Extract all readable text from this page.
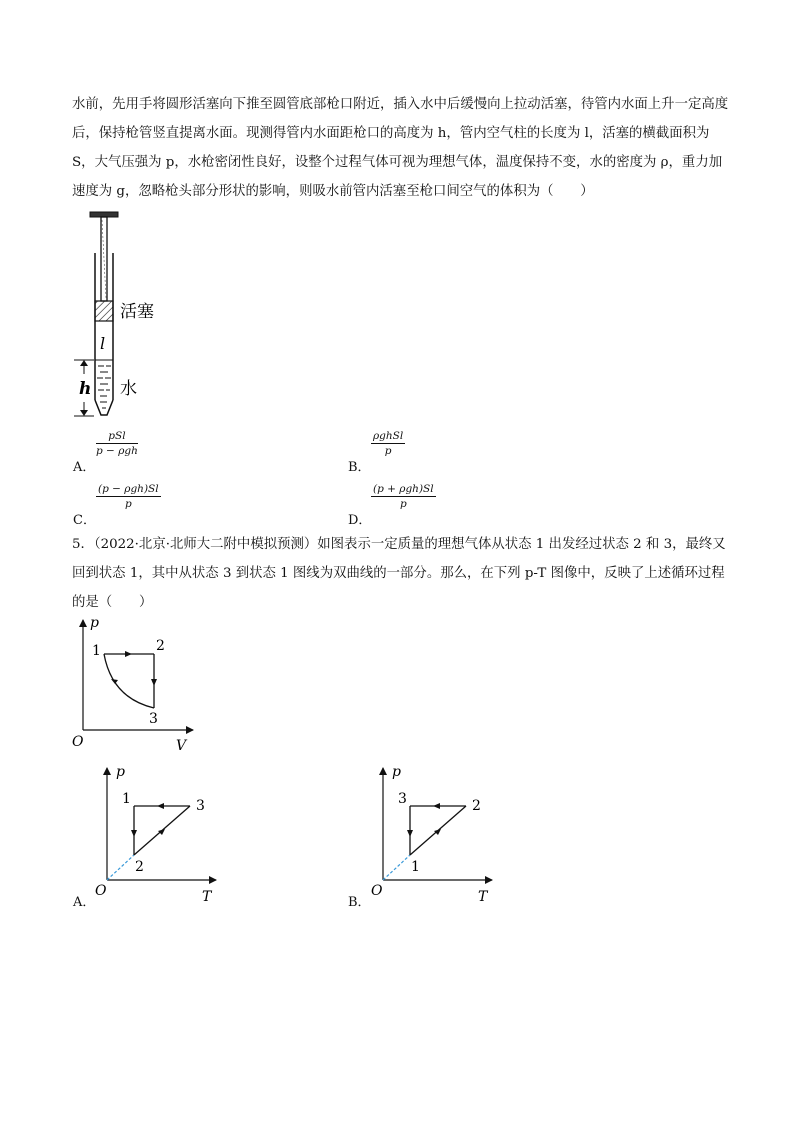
水前，先用手将圆形活塞向下推至圆管底部枪口附近，插入水中后缓慢向上拉动活塞，待管内水面上升一定高度后，保持枪管竖直提离水面。现测得管内水面距枪口的高度为 h，管内空气柱的长度为 l，活塞的横截面积为 S，大气压强为 p，水枪密闭性良好，设整个过程气体可视为理想气体，温度保持不变，水的密度为 ρ，重力加速度为 g，忽略枪头部分形状的影响，则吸水前管内活塞至枪口间空气的体积为（　　）

l
h
活塞
水
A．
pSl
p − ρgh
B．
ρghSl
p
C．
(p − ρgh)Sl
p
D．
(p + ρgh)Sl
p

5．（2022·北京·北师大二附中模拟预测）如图表示一定质量的理想气体从状态 1 出发经过状态 2 和 3，最终又回到状态 1，其中从状态 3 到状态 1 图线为双曲线的一部分。那么，在下列 p-T 图像中，反映了上述循环过程的是（　　）

p
V
O
1	2
3
p
T
O
1
2
3
A．
p
T
O
3
1
2
B．
